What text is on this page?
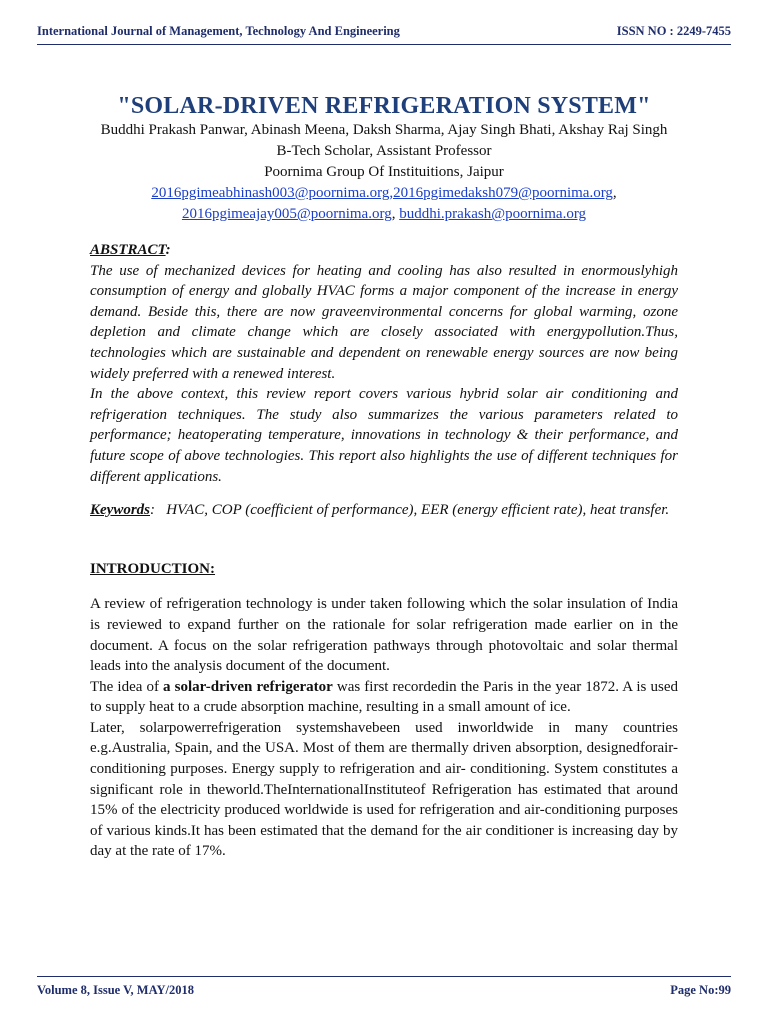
International Journal of Management, Technology And Engineering	ISSN NO : 2249-7455
"SOLAR-DRIVEN REFRIGERATION SYSTEM"

Buddhi Prakash Panwar, Abinash Meena, Daksh Sharma, Ajay Singh Bhati, Akshay Raj Singh

B-Tech Scholar, Assistant Professor

Poornima Group Of Instituitions, Jaipur

2016pgimeabhinash003@poornima.org,2016pgimedaksh079@poornima.org,

2016pgimeajay005@poornima.org, buddhi.prakash@poornima.org

ABSTRACT:

The use of mechanized devices for heating and cooling has also resulted in enormouslyhigh consumption of energy and globally HVAC forms a major component of the increase in energy demand. Beside this, there are now graveenvironmental concerns for global warming, ozone depletion and climate change which are closely associated with energypollution.Thus, technologies which are sustainable and dependent on renewable energy sources are now being widely preferred with a renewed interest.

In the above context, this review report covers various hybrid solar air conditioning and refrigeration techniques. The study also summarizes the various parameters related to performance; heatoperating temperature, innovations in technology & their performance, and future scope of above technologies. This report also highlights the use of different techniques for different applications.

Keywords:   HVAC, COP (coefficient of performance), EER (energy efficient rate), heat transfer.

INTRODUCTION:

A review of refrigeration technology is under taken following which the solar insulation of India is reviewed to expand further on the rationale for solar refrigeration made earlier on in the document. A focus on the solar refrigeration pathways through photovoltaic and solar thermal leads into the analysis document of the document.

The idea of a solar-driven refrigerator was first recordedin the Paris in the year 1872. A is used to supply heat to a crude absorption machine, resulting in a small amount of ice.

Later, solarpowerrefrigeration systemshavebeen used inworldwide in many countries e.g.Australia, Spain, and the USA. Most of them are thermally driven absorption, designedforair-conditioning purposes. Energy supply to refrigeration and air- conditioning. System constitutes a significant role in theworld.TheInternationalInstituteof Refrigeration has estimated that around 15% of the electricity produced worldwide is used for refrigeration and air-conditioning purposes of various kinds.It has been estimated that the demand for the air conditioner is increasing day by day at the rate of 17%.

Volume 8, Issue V, MAY/2018	Page No:99
